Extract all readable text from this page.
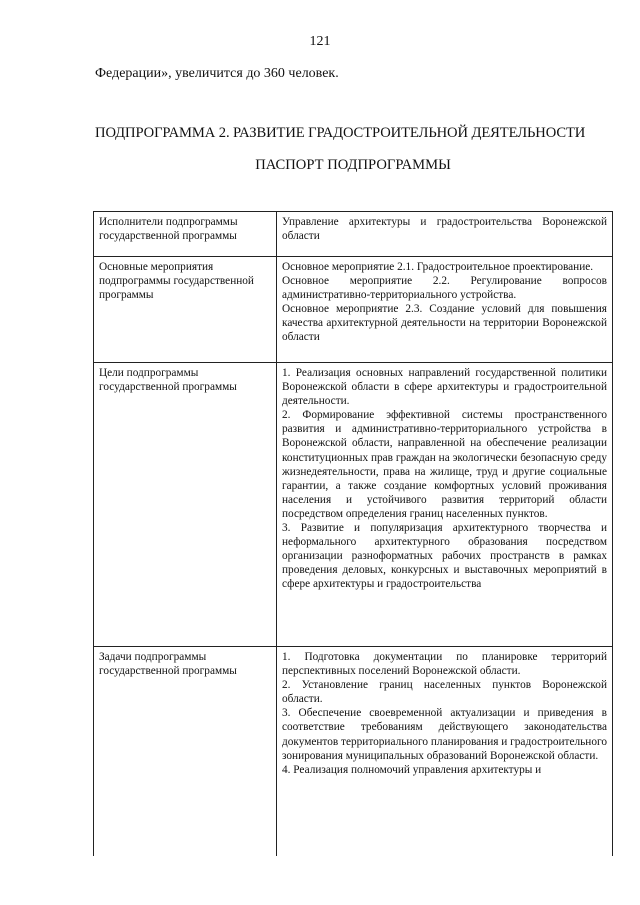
121
Федерации», увеличится до 360 человек.
ПОДПРОГРАММА 2. РАЗВИТИЕ ГРАДОСТРОИТЕЛЬНОЙ ДЕЯТЕЛЬНОСТИ
ПАСПОРТ ПОДПРОГРАММЫ
Исполнители подпрограммы государственной программы	Управление архитектуры и градостроительства Воронежской области

Основные мероприятия подпрограммы государственной программы	Основное мероприятие 2.1. Градостроительное проектирование.
Основное мероприятие 2.2. Регулирование вопросов административно-территориального устройства.
Основное мероприятие 2.3. Создание условий для повышения качества архитектурной деятельности на территории Воронежской области

Цели подпрограммы государственной программы	1. Реализация основных направлений государственной политики Воронежской области в сфере архитектуры и градостроительной деятельности.
2. Формирование эффективной системы пространственного развития и административно-территориального устройства в Воронежской области, направленной на обеспечение реализации конституционных прав граждан на экологически безопасную среду жизнедеятельности, права на жилище, труд и другие социальные гарантии, а также создание комфортных условий проживания населения и устойчивого развития территорий области посредством определения границ населенных пунктов.
3. Развитие и популяризация архитектурного творчества и неформального архитектурного образования посредством организации разноформатных рабочих пространств в рамках проведения деловых, конкурсных и выставочных мероприятий в сфере архитектуры и градостроительства

Задачи подпрограммы государственной программы	1. Подготовка документации по планировке территорий перспективных поселений Воронежской области.
2. Установление границ населенных пунктов Воронежской области.
3. Обеспечение своевременной актуализации и приведения в соответствие требованиям действующего законодательства документов территориального планирования и градостроительного зонирования муниципальных образований Воронежской области.
4. Реализация полномочий управления архитектуры и
